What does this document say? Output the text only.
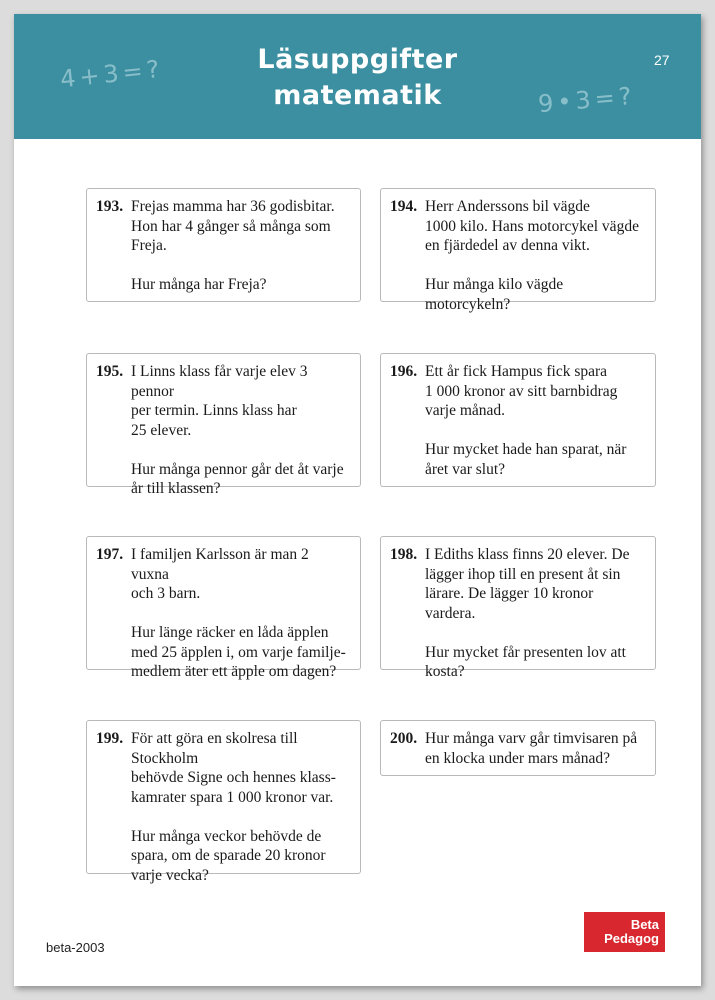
4+3=?
9•3=?
Läsuppgifter
matematik
27
193. Frejas mamma har 36 godisbitar.
Hon har 4 gånger så många som
Freja.
Hur många har Freja?
194. Herr Anderssons bil vägde
1000 kilo. Hans motorcykel vägde
en fjärdedel av denna vikt.
Hur många kilo vägde motorcykeln?
195. I Linns klass får varje elev 3 pennor
per termin. Linns klass har
25 elever.
Hur många pennor går det åt varje
år till klassen?
196. Ett år fick Hampus fick spara
1 000 kronor av sitt barnbidrag
varje månad.
Hur mycket hade han sparat, när
året var slut?
197. I familjen Karlsson är man 2 vuxna
och 3 barn.
Hur länge räcker en låda äpplen
med 25 äpplen i, om varje familje-
medlem äter ett äpple om dagen?
198. I Ediths klass finns 20 elever. De
lägger ihop till en present åt sin
lärare. De lägger 10 kronor vardera.
Hur mycket får presenten lov att
kosta?
199. För att göra en skolresa till Stockholm
behövde Signe och hennes klass-
kamrater spara 1 000 kronor var.
Hur många veckor behövde de
spara, om de sparade 20 kronor
varje vecka?
200. Hur många varv går timvisaren på
en klocka under mars månad?
beta-2003
Beta
Pedagog
